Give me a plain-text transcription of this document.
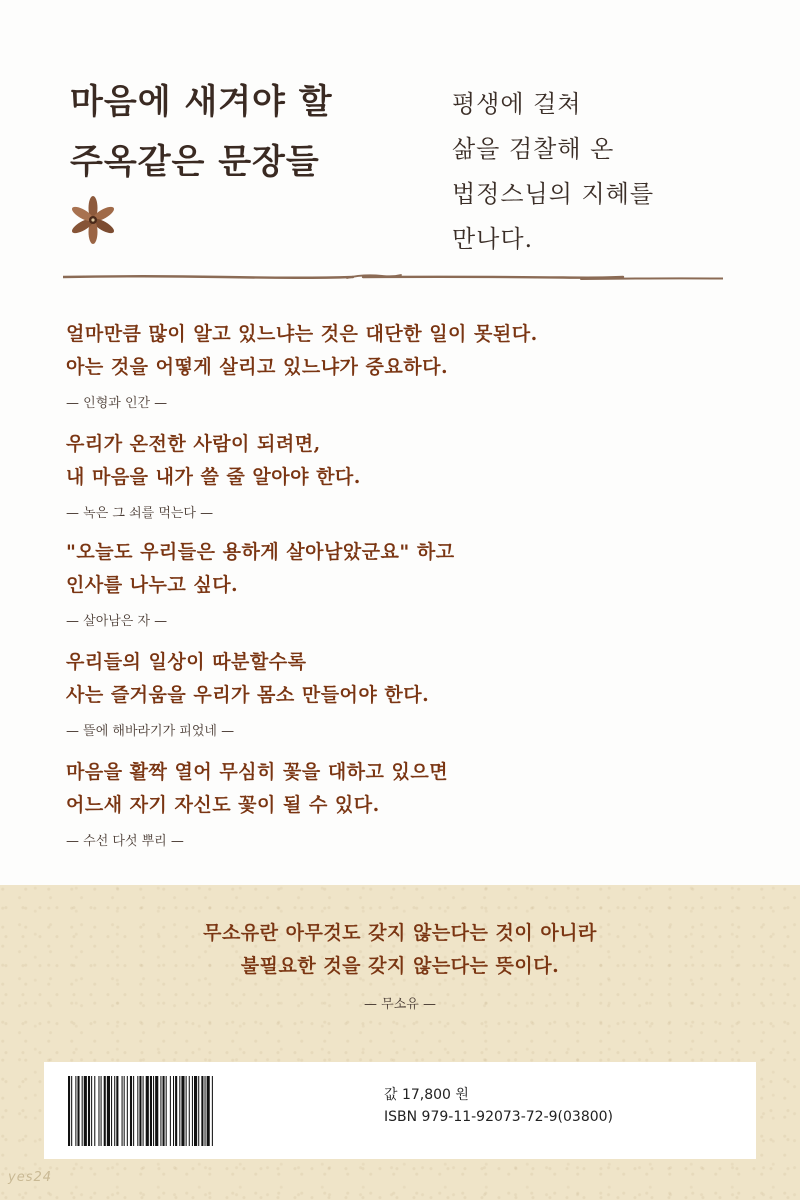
마음에 새겨야 할
주옥같은 문장들

평생에 걸쳐
삶을 검찰해 온
법정스님의 지혜를
만나다.

얼마만큼 많이 알고 있느냐는 것은 대단한 일이 못된다.
아는 것을 어떻게 살리고 있느냐가 중요하다.
— 인형과 인간 —
우리가 온전한 사람이 되려면,
내 마음을 내가 쓸 줄 알아야 한다.
— 녹은 그 쇠를 먹는다 —
"오늘도 우리들은 용하게 살아남았군요" 하고
인사를 나누고 싶다.
— 살아남은 자 —
우리들의 일상이 따분할수록
사는 즐거움을 우리가 몸소 만들어야 한다.
— 뜰에 해바라기가 피었네 —
마음을 활짝 열어 무심히 꽃을 대하고 있으면
어느새 자기 자신도 꽃이 될 수 있다.
— 수선 다섯 뿌리 —
무소유란 아무것도 갖지 않는다는 것이 아니라
불필요한 것을 갖지 않는다는 뜻이다.
— 무소유 —
값 17,800 원
ISBN 979-11-92073-72-9(03800)
yes24
